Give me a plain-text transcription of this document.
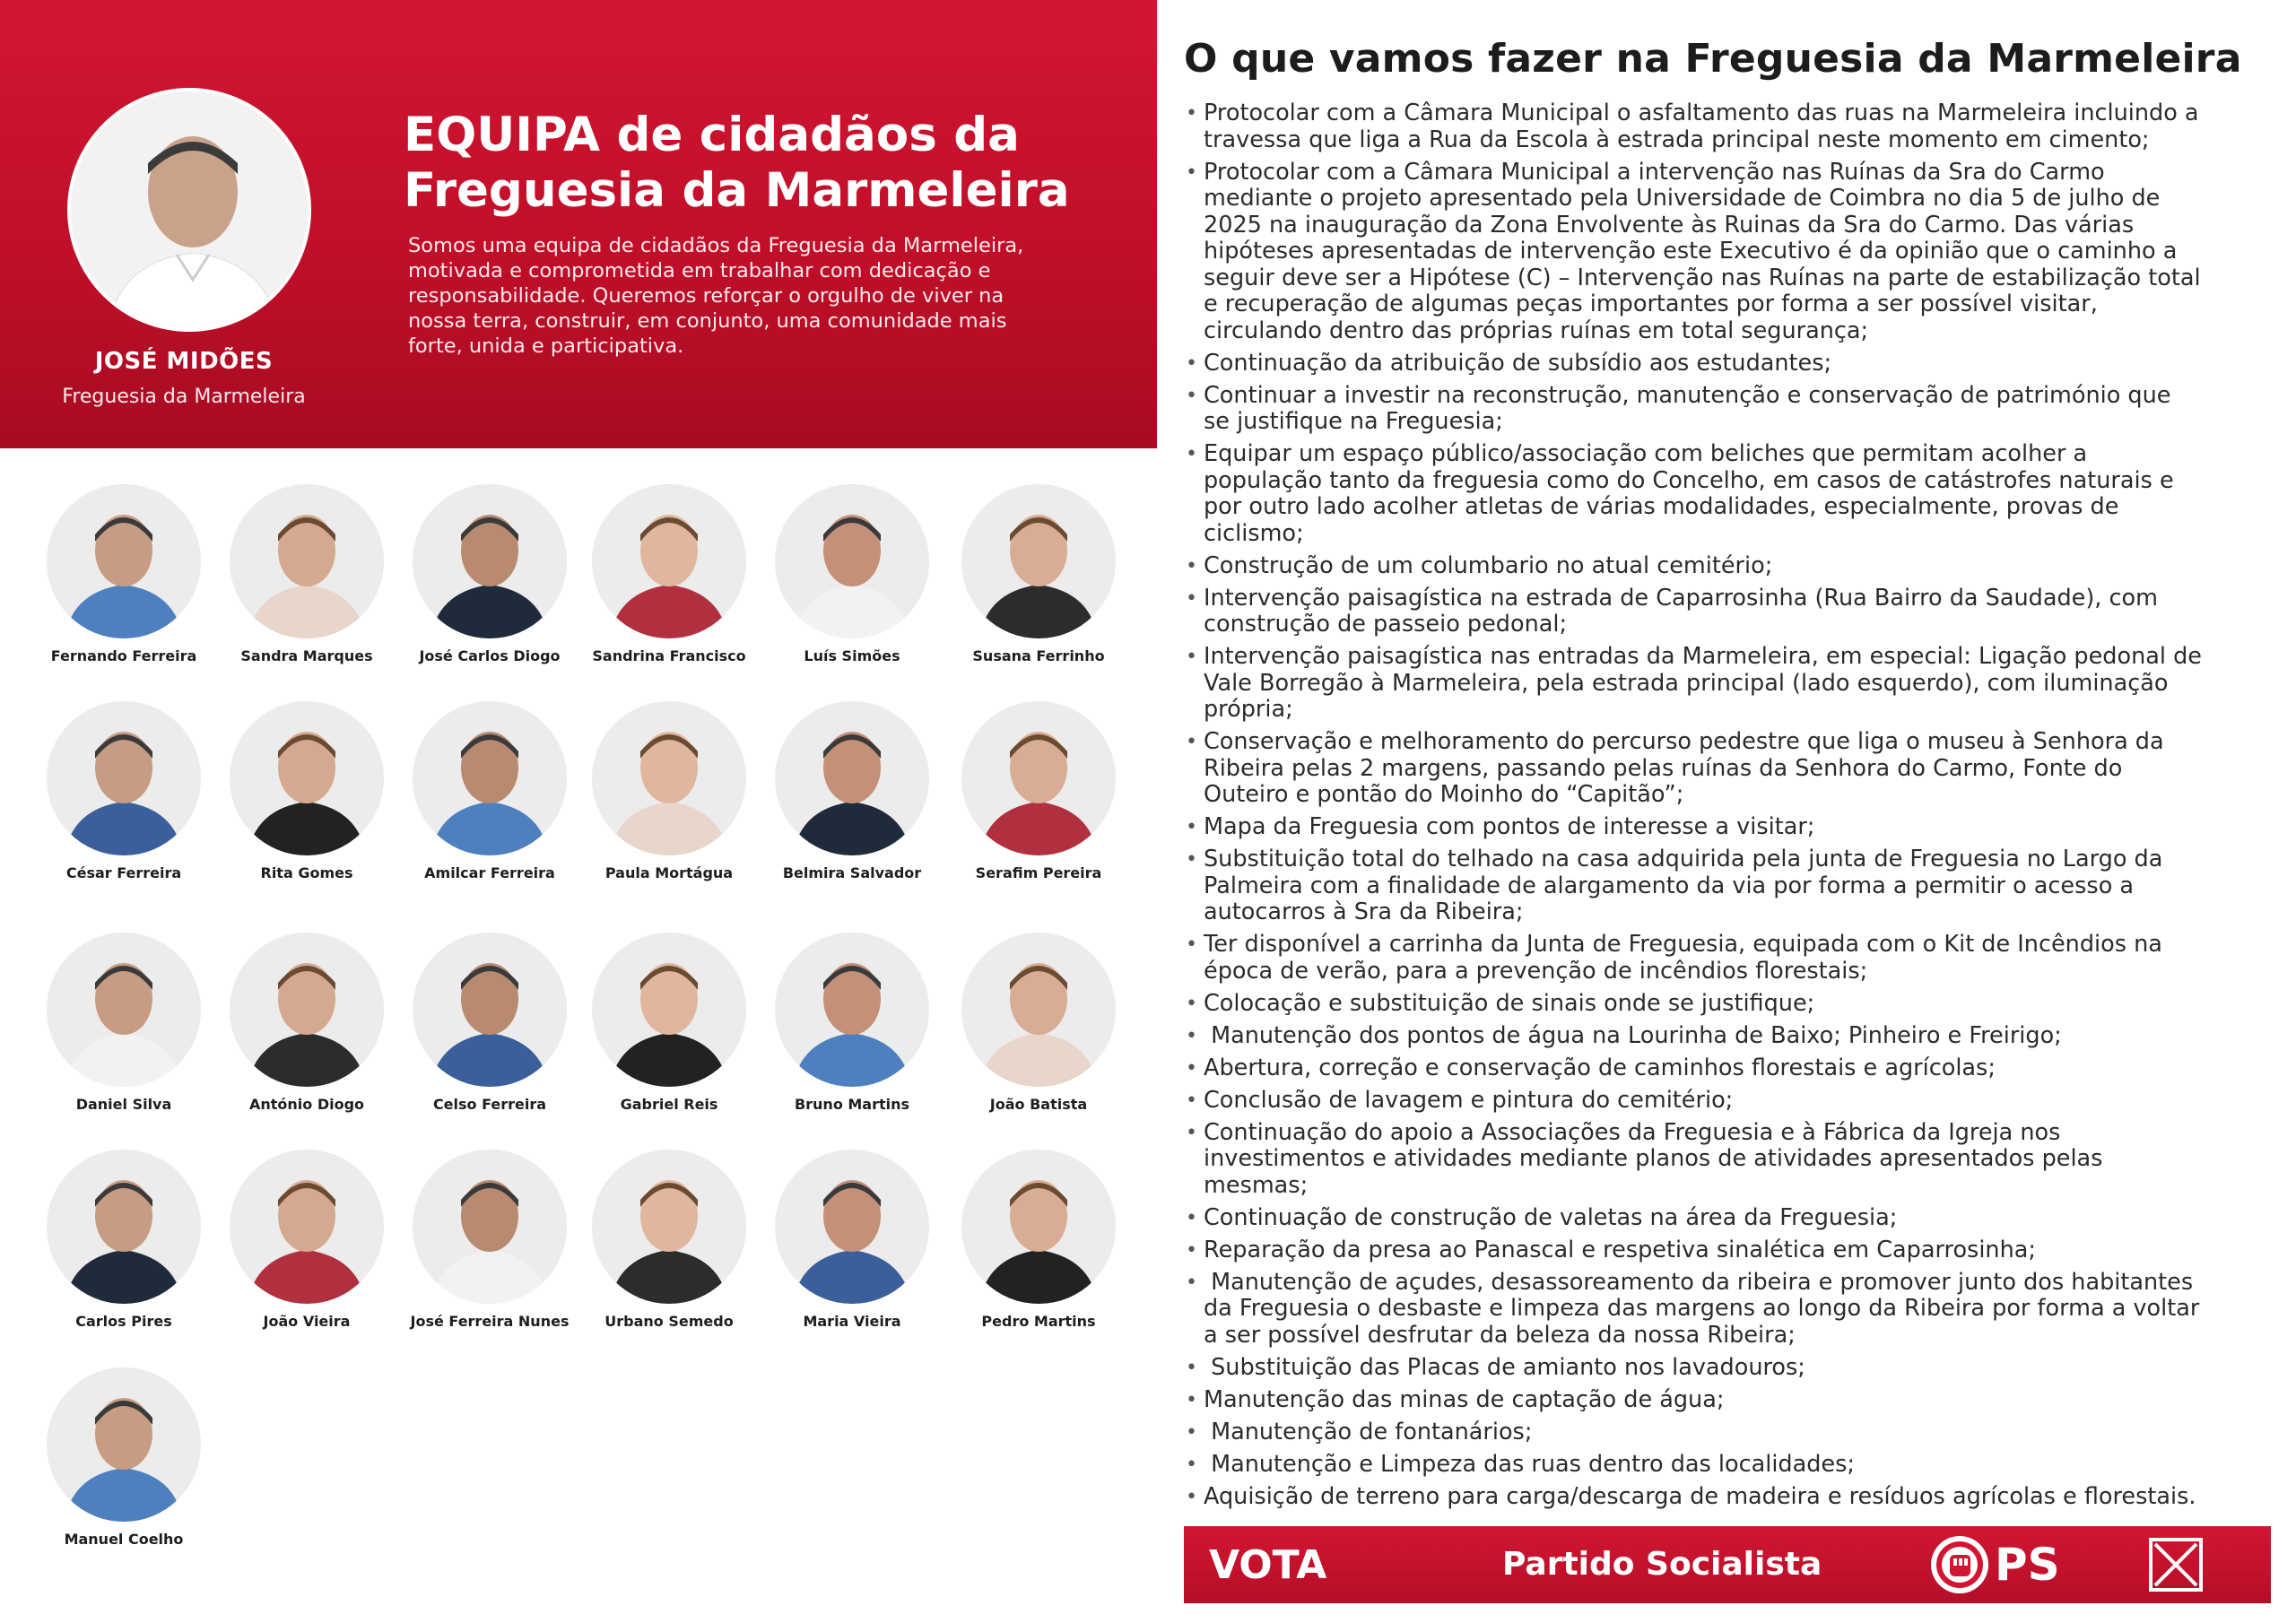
JOSÉ MIDÕES
Freguesia da Marmeleira
EQUIPA de cidadãos da
Freguesia da Marmeleira

Somos uma equipa de cidadãos da Freguesia da Marmeleira,
motivada e comprometida em trabalhar com dedicação e
responsabilidade. Queremos reforçar o orgulho de viver na
nossa terra, construir, em conjunto, uma comunidade mais
forte, unida e participativa.

Fernando Ferreira	Sandra Marques	José Carlos Diogo	Sandrina Francisco	Luís Simões	Susana Ferrinho
César Ferreira	Rita Gomes	Amilcar Ferreira	Paula Mortágua	Belmira Salvador	Serafim Pereira
Daniel Silva	António Diogo	Celso Ferreira	Gabriel Reis	Bruno Martins	João Batista
Carlos Pires	João Vieira	José Ferreira Nunes	Urbano Semedo	Maria Vieira	Pedro Martins
Manuel Coelho
O que vamos fazer na Freguesia da Marmeleira
• Protocolar com a Câmara Municipal o asfaltamento das ruas na Marmeleira incluindo a
travessa que liga a Rua da Escola à estrada principal neste momento em cimento;
• Protocolar com a Câmara Municipal a intervenção nas Ruínas da Sra do Carmo
mediante o projeto apresentado pela Universidade de Coimbra no dia 5 de julho de
2025 na inauguração da Zona Envolvente às Ruinas da Sra do Carmo. Das várias
hipóteses apresentadas de intervenção este Executivo é da opinião que o caminho a
seguir deve ser a Hipótese (C) – Intervenção nas Ruínas na parte de estabilização total
e recuperação de algumas peças importantes por forma a ser possível visitar,
circulando dentro das próprias ruínas em total segurança;
• Continuação da atribuição de subsídio aos estudantes;
• Continuar a investir na reconstrução, manutenção e conservação de património que
se justifique na Freguesia;
• Equipar um espaço público/associação com beliches que permitam acolher a
população tanto da freguesia como do Concelho, em casos de catástrofes naturais e
por outro lado acolher atletas de várias modalidades, especialmente, provas de
ciclismo;
• Construção de um columbario no atual cemitério;
• Intervenção paisagística na estrada de Caparrosinha (Rua Bairro da Saudade), com
construção de passeio pedonal;
• Intervenção paisagística nas entradas da Marmeleira, em especial: Ligação pedonal de
Vale Borregão à Marmeleira, pela estrada principal (lado esquerdo), com iluminação
própria;
• Conservação e melhoramento do percurso pedestre que liga o museu à Senhora da
Ribeira pelas 2 margens, passando pelas ruínas da Senhora do Carmo, Fonte do
Outeiro e pontão do Moinho do “Capitão”;
• Mapa da Freguesia com pontos de interesse a visitar;
• Substituição total do telhado na casa adquirida pela junta de Freguesia no Largo da
Palmeira com a finalidade de alargamento da via por forma a permitir o acesso a
autocarros à Sra da Ribeira;
• Ter disponível a carrinha da Junta de Freguesia, equipada com o Kit de Incêndios na
época de verão, para a prevenção de incêndios florestais;
• Colocação e substituição de sinais onde se justifique;
•  Manutenção dos pontos de água na Lourinha de Baixo; Pinheiro e Freirigo;
• Abertura, correção e conservação de caminhos florestais e agrícolas;
• Conclusão de lavagem e pintura do cemitério;
• Continuação do apoio a Associações da Freguesia e à Fábrica da Igreja nos
investimentos e atividades mediante planos de atividades apresentados pelas
mesmas;
• Continuação de construção de valetas na área da Freguesia;
• Reparação da presa ao Panascal e respetiva sinalética em Caparrosinha;
•  Manutenção de açudes, desassoreamento da ribeira e promover junto dos habitantes
da Freguesia o desbaste e limpeza das margens ao longo da Ribeira por forma a voltar
a ser possível desfrutar da beleza da nossa Ribeira;
•  Substituição das Placas de amianto nos lavadouros;
• Manutenção das minas de captação de água;
•  Manutenção de fontanários;
•  Manutenção e Limpeza das ruas dentro das localidades;
• Aquisição de terreno para carga/descarga de madeira e resíduos agrícolas e florestais.
VOTA	Partido Socialista	PS
